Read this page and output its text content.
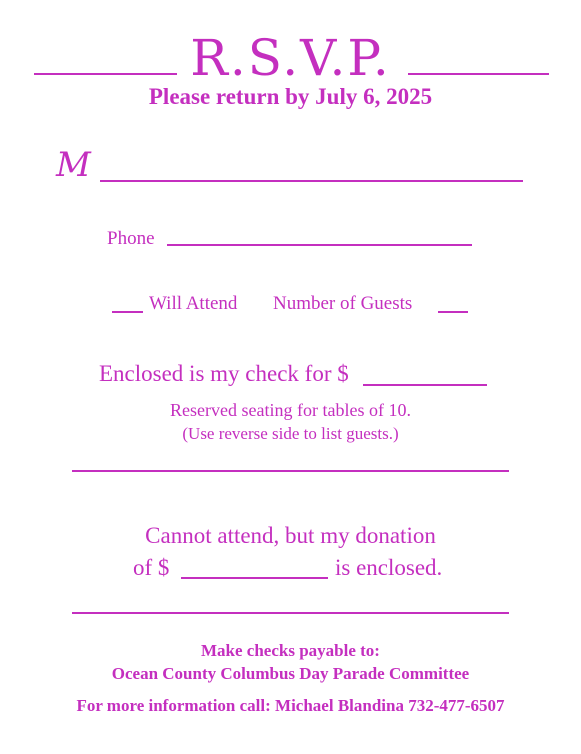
R.S.V.P.
Please return by July 6, 2025
M
Phone
Will Attend Number of Guests
Enclosed is my check for $
Reserved seating for tables of 10.
(Use reverse side to list guests.)
Cannot attend, but my donation
of $	is enclosed.
Make checks payable to:
Ocean County Columbus Day Parade Committee
For more information call: Michael Blandina 732-477-6507
